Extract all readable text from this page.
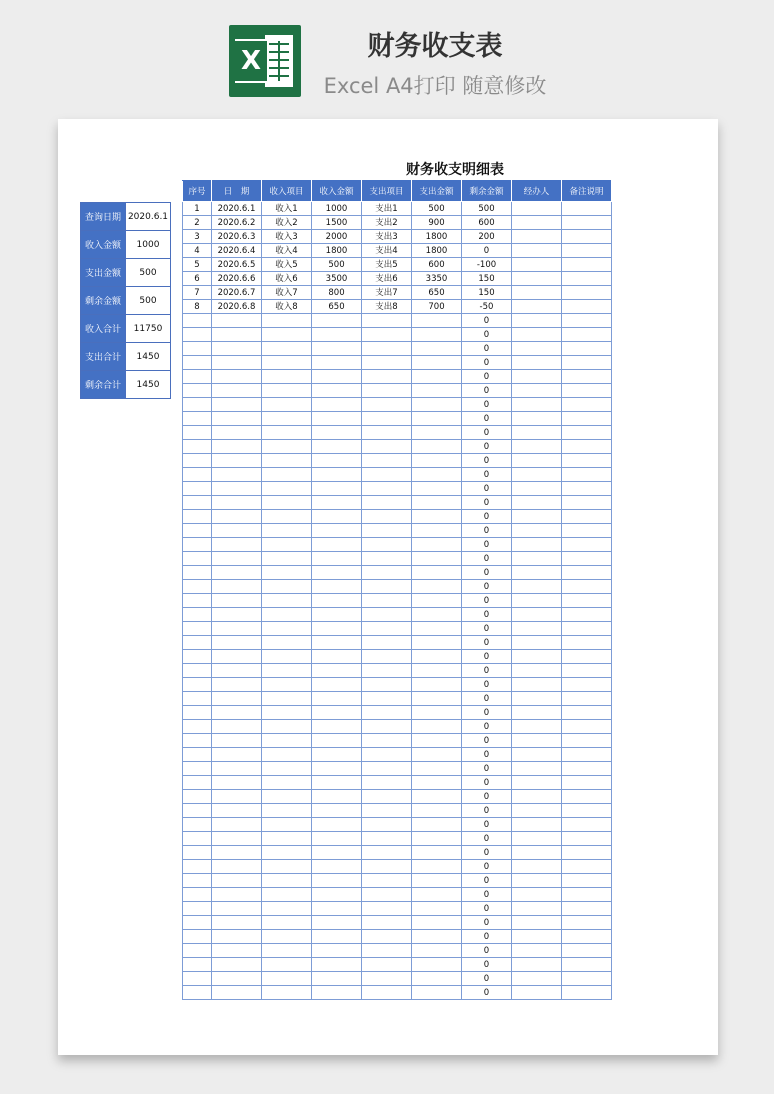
X	财务收支表
Excel A4打印 随意修改
财务收支明细表
查询日期	2020.6.1
收入金额	1000
支出金额	500
剩余金额	500
收入合计	11750
支出合计	1450
剩余合计	1450
序号	日　期	收入项目	收入金额	支出项目	支出金额	剩余金额	经办人	备注说明
1	2020.6.1	收入1	1000	支出1	500	500		
2	2020.6.2	收入2	1500	支出2	900	600		
3	2020.6.3	收入3	2000	支出3	1800	200		
4	2020.6.4	收入4	1800	支出4	1800	0		
5	2020.6.5	收入5	500	支出5	600	-100		
6	2020.6.6	收入6	3500	支出6	3350	150		
7	2020.6.7	收入7	800	支出7	650	150		
8	2020.6.8	收入8	650	支出8	700	-50		
						0		
						0		
						0		
						0		
						0		
						0		
						0		
						0		
						0		
						0		
						0		
						0		
						0		
						0		
						0		
						0		
						0		
						0		
						0		
						0		
						0		
						0		
						0		
						0		
						0		
						0		
						0		
						0		
						0		
						0		
						0		
						0		
						0		
						0		
						0		
						0		
						0		
						0		
						0		
						0		
						0		
						0		
						0		
						0		
						0		
						0		
						0		
						0		
						0		
